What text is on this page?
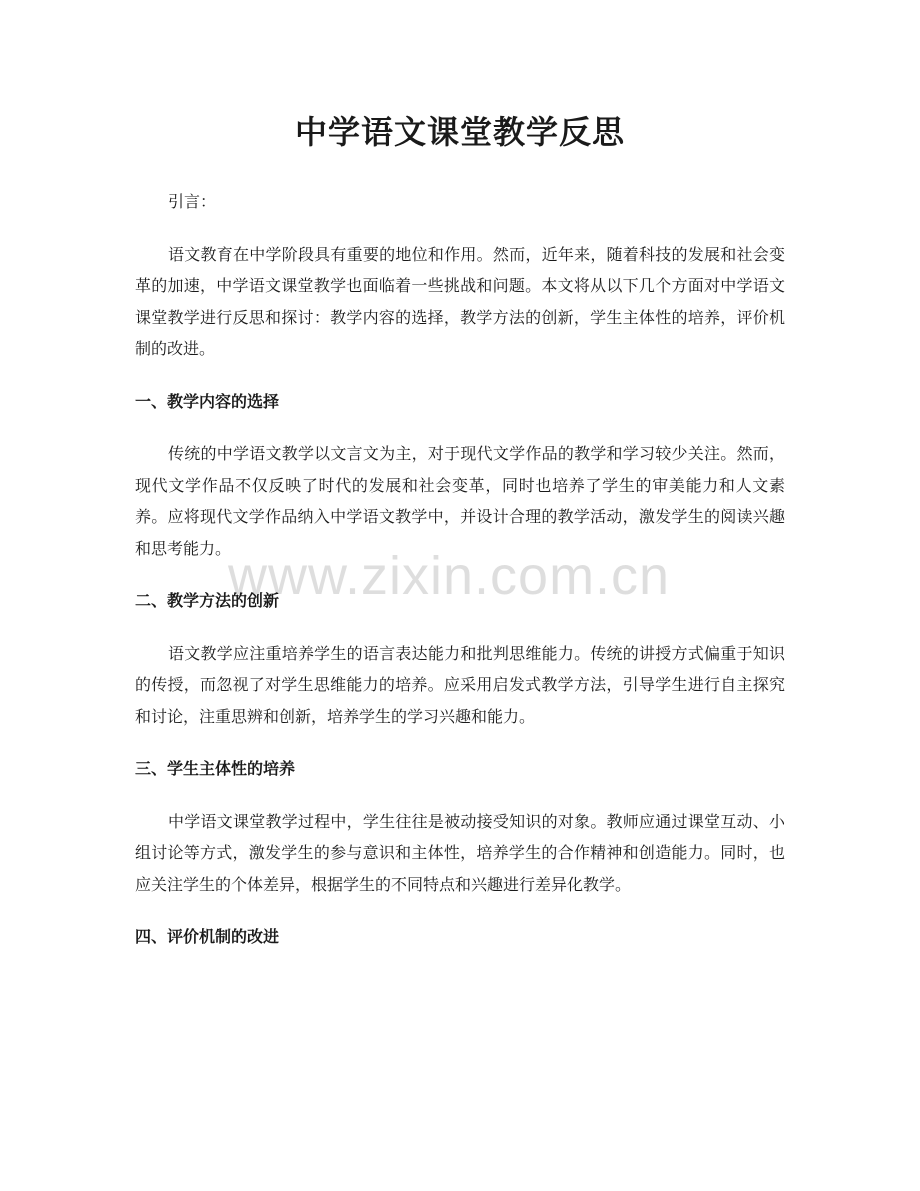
中学语文课堂教学反思

引言：

语文教育在中学阶段具有重要的地位和作用。然而，近年来，随着科技的发展和社会变革的加速，中学语文课堂教学也面临着一些挑战和问题。本文将从以下几个方面对中学语文课堂教学进行反思和探讨：教学内容的选择，教学方法的创新，学生主体性的培养，评价机制的改进。

一、教学内容的选择

传统的中学语文教学以文言文为主，对于现代文学作品的教学和学习较少关注。然而，现代文学作品不仅反映了时代的发展和社会变革，同时也培养了学生的审美能力和人文素养。应将现代文学作品纳入中学语文教学中，并设计合理的教学活动，激发学生的阅读兴趣和思考能力。

二、教学方法的创新

语文教学应注重培养学生的语言表达能力和批判思维能力。传统的讲授方式偏重于知识的传授，而忽视了对学生思维能力的培养。应采用启发式教学方法，引导学生进行自主探究和讨论，注重思辨和创新，培养学生的学习兴趣和能力。

三、学生主体性的培养

中学语文课堂教学过程中，学生往往是被动接受知识的对象。教师应通过课堂互动、小组讨论等方式，激发学生的参与意识和主体性，培养学生的合作精神和创造能力。同时，也应关注学生的个体差异，根据学生的不同特点和兴趣进行差异化教学。

四、评价机制的改进
www.zixin.com.cn
